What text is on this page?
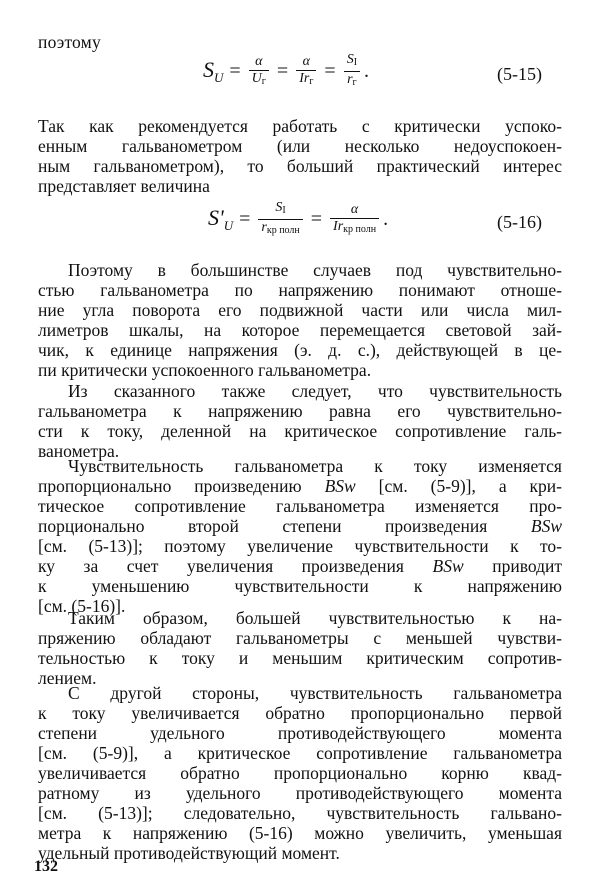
поэтому
$S_U = \frac{\alpha}{U_г} = \frac{\alpha}{Ir_г} = \frac{S_I}{r_г}$ .	(5-15)
Так как рекомендуется работать с критически успоко-
енным гальванометром (или несколько недоуспокоен-
ным гальванометром), то больший практический интерес
представляет величина
$S'_U = \frac{S_I}{r_{кр полн}} = \frac{\alpha}{Ir_{кр полн}}$ .	(5-16)
Поэтому в большинстве случаев под чувствительно-
стью гальванометра по напряжению понимают отноше-
ние угла поворота его подвижной части или числа мил-
лиметров шкалы, на которое перемещается световой зай-
чик, к единице напряжения (э. д. с.), действующей в це-
пи критически успокоенного гальванометра.
Из сказанного также следует, что чувствительность
гальванометра к напряжению равна его чувствительно-
сти к току, деленной на критическое сопротивление галь-
ванометра.
Чувствительность гальванометра к току изменяется
пропорционально произведению BSw [см. (5-9)], а кри-
тическое сопротивление гальванометра изменяется про-
порционально второй степени произведения BSw
[см. (5-13)]; поэтому увеличение чувствительности к то-
ку за счет увеличения произведения BSw приводит
к уменьшению чувствительности к напряжению
[см. (5-16)].
Таким образом, большей чувствительностью к на-
пряжению обладают гальванометры с меньшей чувстви-
тельностью к току и меньшим критическим сопротив-
лением.
С другой стороны, чувствительность гальванометра
к току увеличивается обратно пропорционально первой
степени удельного противодействующего момента
[см. (5-9)], а критическое сопротивление гальванометра
увеличивается обратно пропорционально корню квад-
ратному из удельного противодействующего момента
[см. (5-13)]; следовательно, чувствительность гальвано-
метра к напряжению (5-16) можно увеличить, уменьшая
удельный противодействующий момент.
132
